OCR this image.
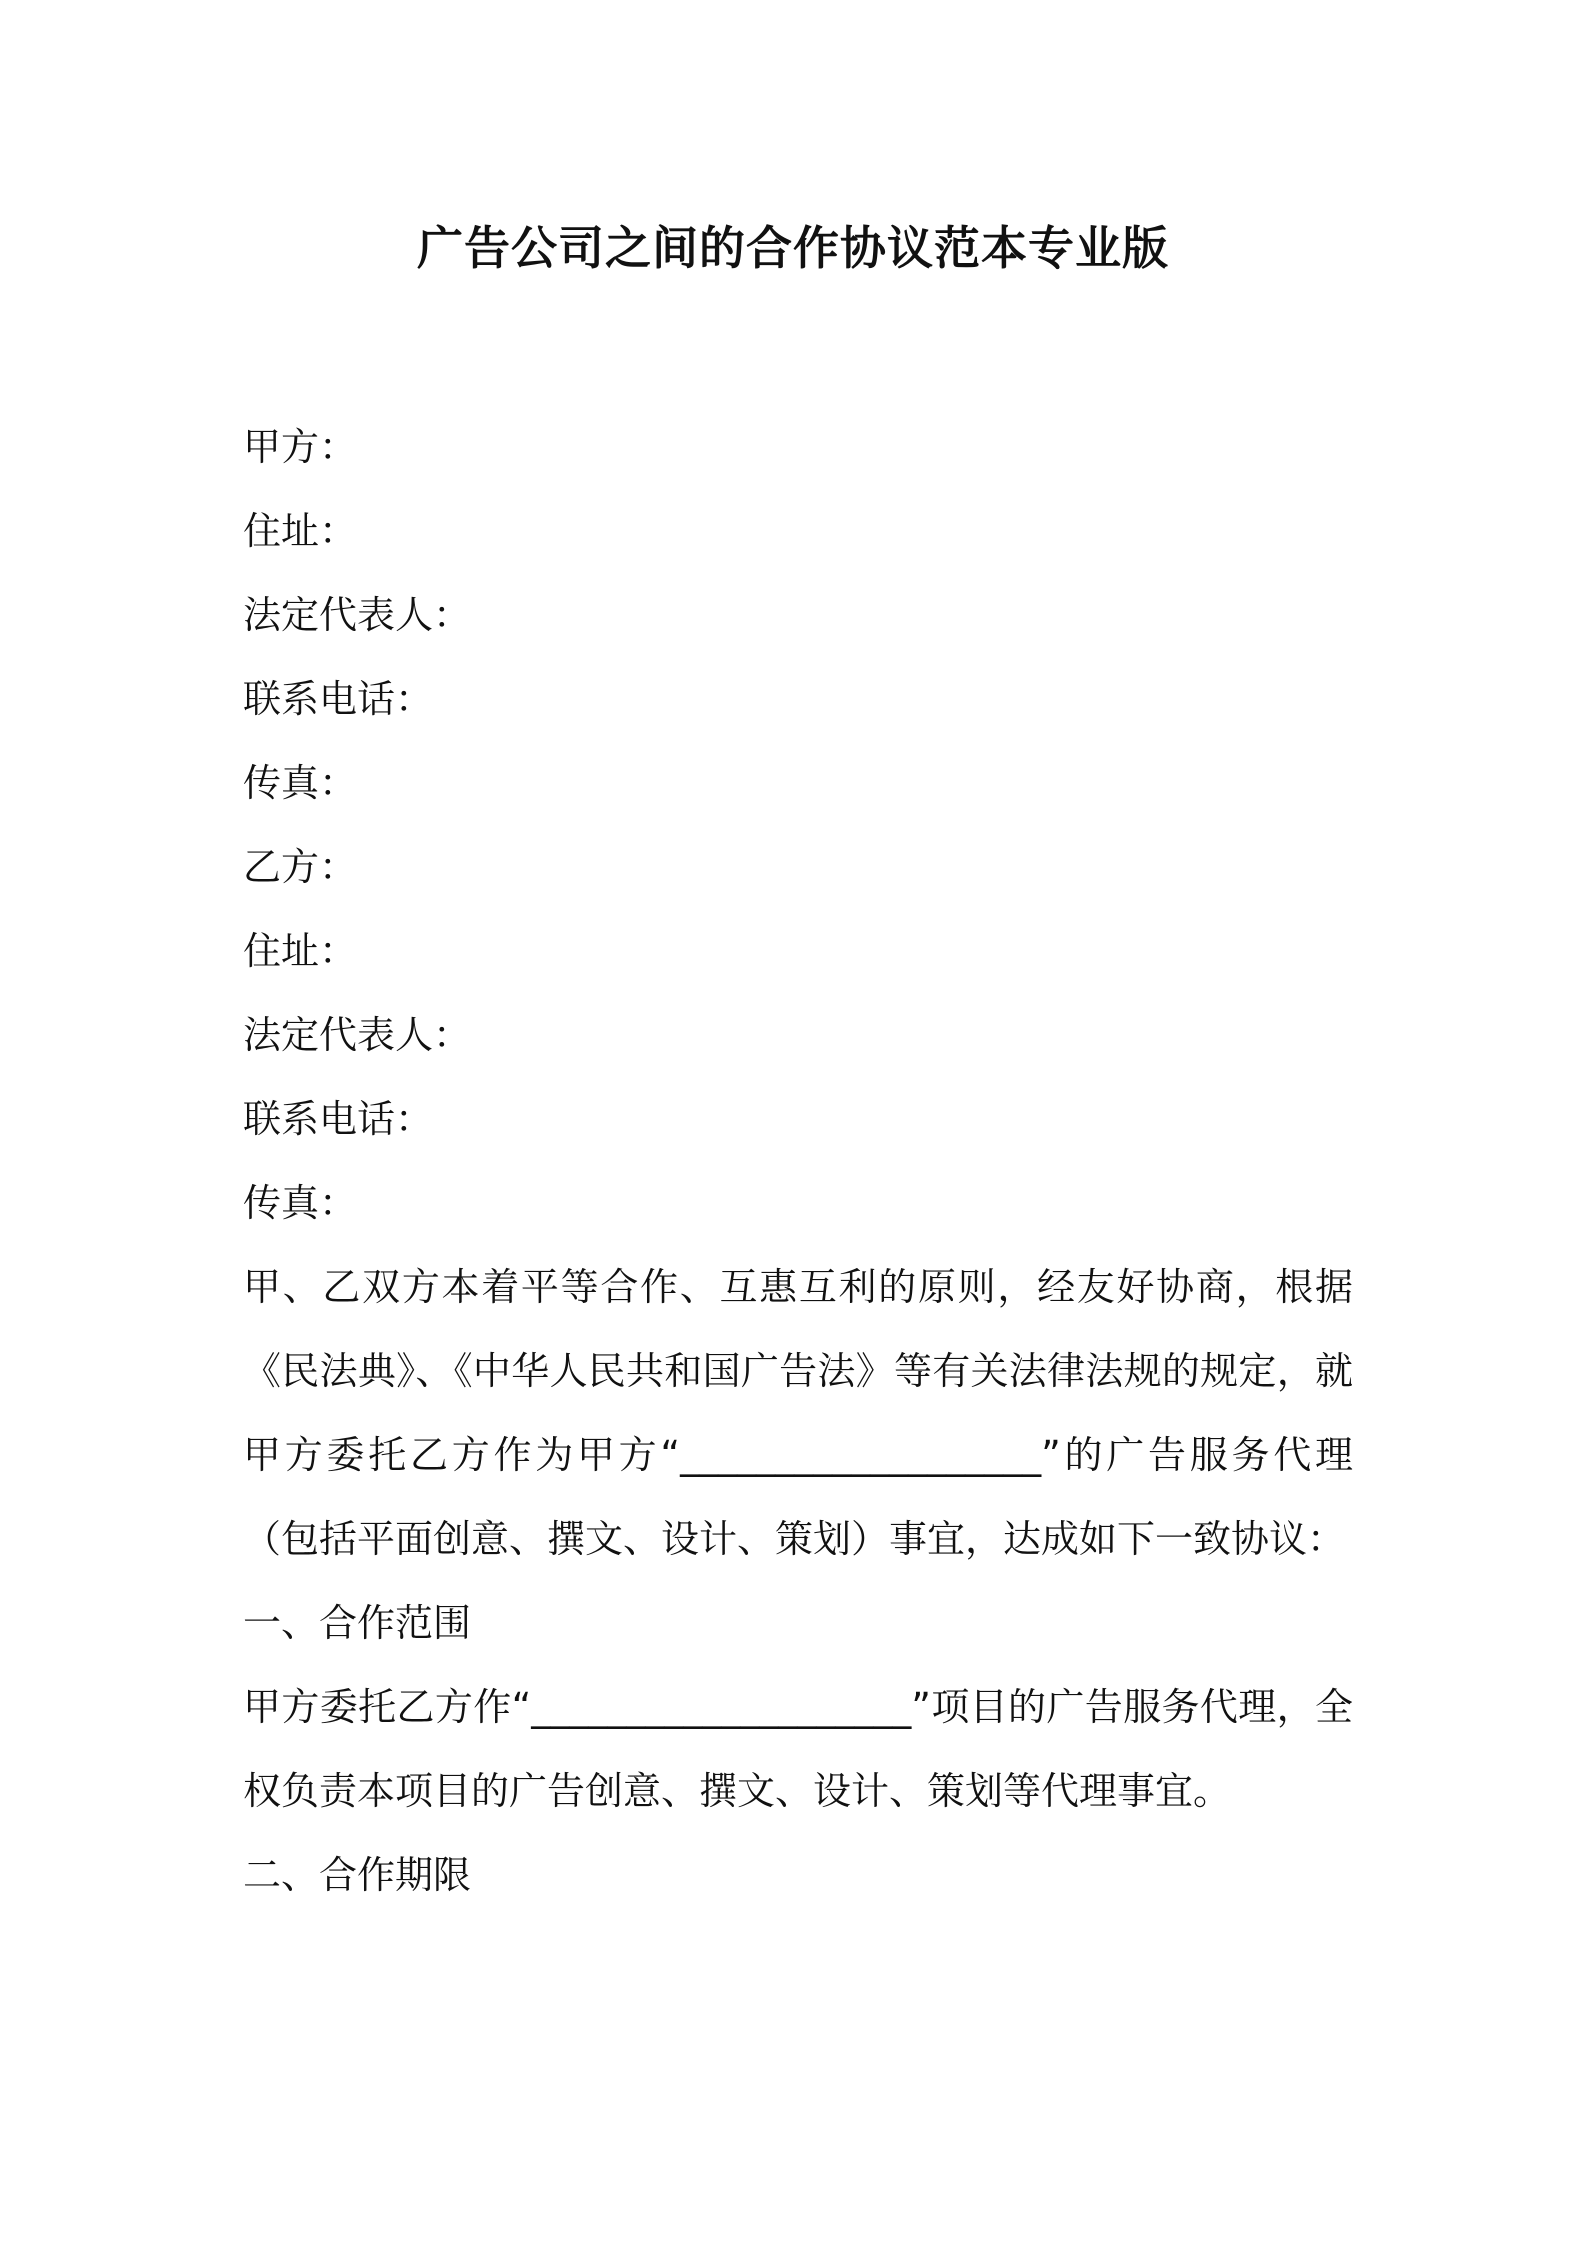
广告公司之间的合作协议范本专业版

甲方：

住址：

法定代表人：

联系电话：

传真：

乙方：

住址：

法定代表人：

联系电话：

传真：

甲、乙双方本着平等合作、互惠互利的原则，经友好协商，根据《民法典》、《中华人民共和国广告法》等有关法律法规的规定，就甲方委托乙方作为甲方“___________________”的广告服务代理（包括平面创意、撰文、设计、策划）事宜，达成如下一致协议：

一、合作范围

甲方委托乙方作“____________________”项目的广告服务代理，全权负责本项目的广告创意、撰文、设计、策划等代理事宜。

二、合作期限
